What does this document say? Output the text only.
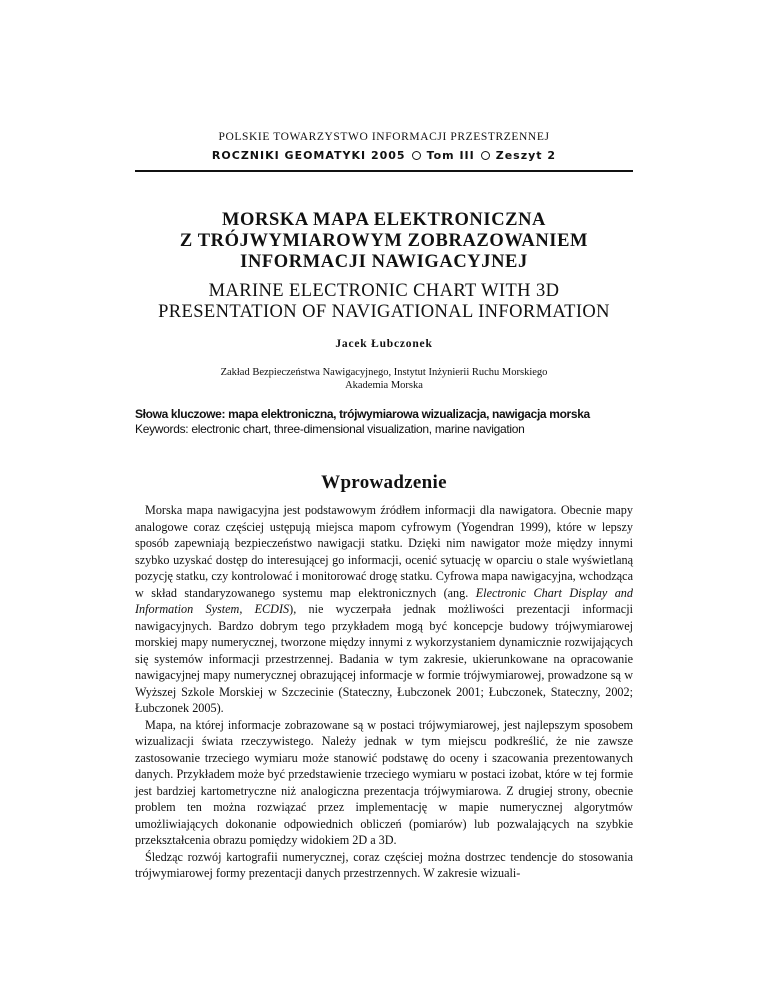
POLSKIE TOWARZYSTWO INFORMACJI PRZESTRZENNEJ
ROCZNIKI GEOMATYKI 2005 Tom III Zeszyt 2
MORSKA MAPA ELEKTRONICZNA
Z TRÓJWYMIAROWYM ZOBRAZOWANIEM
INFORMACJI NAWIGACYJNEJ
MARINE ELECTRONIC CHART WITH 3D
PRESENTATION OF NAVIGATIONAL INFORMATION
Jacek Łubczonek
Zakład Bezpieczeństwa Nawigacyjnego, Instytut Inżynierii Ruchu Morskiego
Akademia Morska
Słowa kluczowe: mapa elektroniczna, trójwymiarowa wizualizacja, nawigacja morska
Keywords: electronic chart, three-dimensional visualization, marine navigation
Wprowadzenie

Morska mapa nawigacyjna jest podstawowym źródłem informacji dla nawigatora. Obecnie mapy analogowe coraz częściej ustępują miejsca mapom cyfrowym (Yogendran 1999), które w lepszy sposób zapewniają bezpieczeństwo nawigacji statku. Dzięki nim nawigator może między innymi szybko uzyskać dostęp do interesującej go informacji, ocenić sytuację w oparciu o stale wyświetlaną pozycję statku, czy kontrolować i monitorować drogę statku. Cyfrowa mapa nawigacyjna, wchodząca w skład standaryzowanego systemu map elektronicznych (ang. Electronic Chart Display and Information System, ECDIS), nie wyczerpała jednak możliwości prezentacji informacji nawigacyjnych. Bardzo dobrym tego przykładem mogą być koncepcje budowy trójwymiarowej morskiej mapy numerycznej, tworzone między innymi z wykorzystaniem dynamicznie rozwijających się systemów informacji przestrzennej. Badania w tym zakresie, ukierunkowane na opracowanie nawigacyjnej mapy numerycznej obrazującej informacje w formie trójwymiarowej, prowadzone są w Wyższej Szkole Morskiej w Szczecinie (Stateczny, Łubczonek 2001; Łubczonek, Stateczny, 2002; Łubczonek 2005).

Mapa, na której informacje zobrazowane są w postaci trójwymiarowej, jest najlepszym sposobem wizualizacji świata rzeczywistego. Należy jednak w tym miejscu podkreślić, że nie zawsze zastosowanie trzeciego wymiaru może stanowić podstawę do oceny i szacowania prezentowanych danych. Przykładem może być przedstawienie trzeciego wymiaru w postaci izobat, które w tej formie jest bardziej kartometryczne niż analogiczna prezentacja trójwymiarowa. Z drugiej strony, obecnie problem ten można rozwiązać przez implementację w mapie numerycznej algorytmów umożliwiających dokonanie odpowiednich obliczeń (pomiarów) lub pozwalających na szybkie przekształcenia obrazu pomiędzy widokiem 2D a 3D.

Śledząc rozwój kartografii numerycznej, coraz częściej można dostrzec tendencje do stosowania trójwymiarowej formy prezentacji danych przestrzennych. W zakresie wizuali-
